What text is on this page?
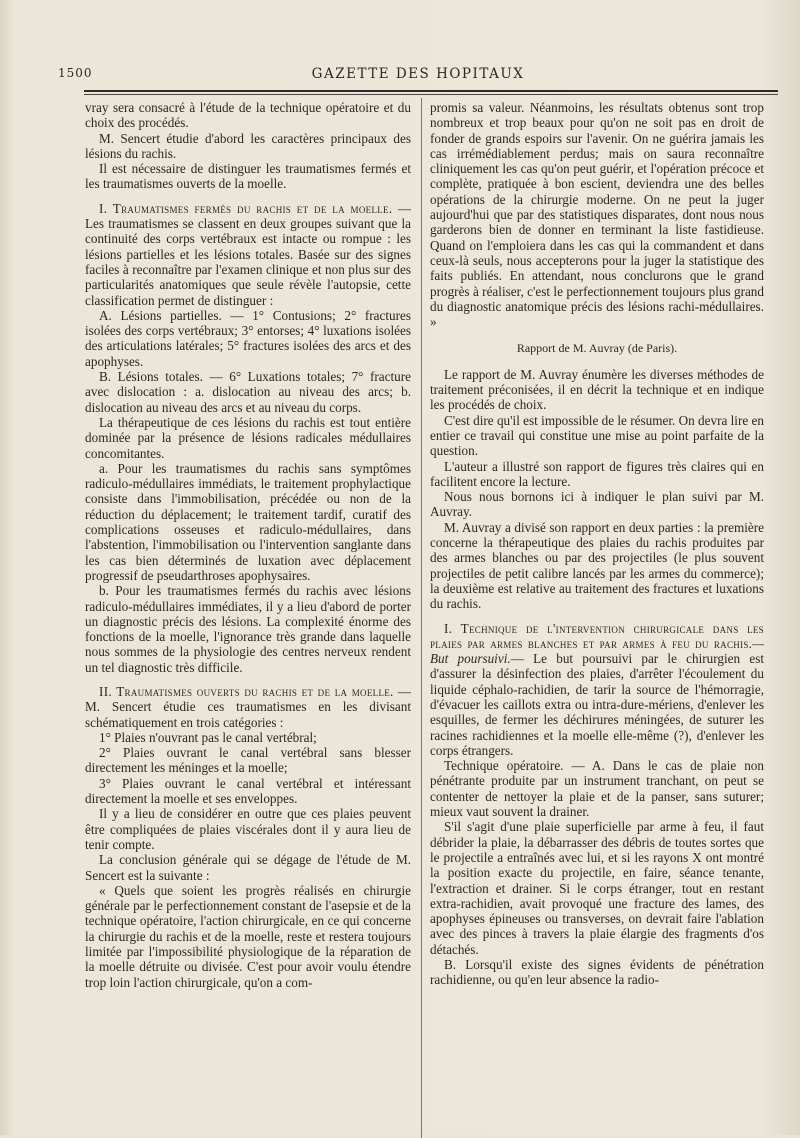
1500	GAZETTE DES HOPITAUX

vray sera consacré à l'étude de la technique opératoire et du choix des procédés.

M. Sencert étudie d'abord les caractères principaux des lésions du rachis.

Il est nécessaire de distinguer les traumatismes fermés et les traumatismes ouverts de la moelle.

I. Traumatismes fermés du rachis et de la moelle. — Les traumatismes se classent en deux groupes suivant que la continuité des corps vertébraux est intacte ou rompue : les lésions partielles et les lésions totales. Basée sur des signes faciles à reconnaître par l'examen clinique et non plus sur des particularités anatomiques que seule révèle l'autopsie, cette classification permet de distinguer :

A. Lésions partielles. — 1° Contusions; 2° fractures isolées des corps vertébraux; 3° entorses; 4° luxations isolées des articulations latérales; 5° fractures isolées des arcs et des apophyses.

B. Lésions totales. — 6° Luxations totales; 7° fracture avec dislocation : a. dislocation au niveau des arcs; b. dislocation au niveau des arcs et au niveau du corps.

La thérapeutique de ces lésions du rachis est tout entière dominée par la présence de lésions radicales médullaires concomitantes.

a. Pour les traumatismes du rachis sans symptômes radiculo-médullaires immédiats, le traitement prophylactique consiste dans l'immobilisation, précédée ou non de la réduction du déplacement; le traitement tardif, curatif des complications osseuses et radiculo-médullaires, dans l'abstention, l'immobilisation ou l'intervention sanglante dans les cas bien déterminés de luxation avec déplacement progressif de pseudarthroses apophysaires.

b. Pour les traumatismes fermés du rachis avec lésions radiculo-médullaires immédiates, il y a lieu d'abord de porter un diagnostic précis des lésions. La complexité énorme des fonctions de la moelle, l'ignorance très grande dans laquelle nous sommes de la physiologie des centres nerveux rendent un tel diagnostic très difficile.

II. Traumatismes ouverts du rachis et de la moelle. — M. Sencert étudie ces traumatismes en les divisant schématiquement en trois catégories :

1° Plaies n'ouvrant pas le canal vertébral;

2° Plaies ouvrant le canal vertébral sans blesser directement les méninges et la moelle;

3° Plaies ouvrant le canal vertébral et intéressant directement la moelle et ses enveloppes.

Il y a lieu de considérer en outre que ces plaies peuvent être compliquées de plaies viscérales dont il y aura lieu de tenir compte.

La conclusion générale qui se dégage de l'étude de M. Sencert est la suivante :

« Quels que soient les progrès réalisés en chirurgie générale par le perfectionnement constant de l'asepsie et de la technique opératoire, l'action chirurgicale, en ce qui concerne la chirurgie du rachis et de la moelle, reste et restera toujours limitée par l'impossibilité physiologique de la réparation de la moelle détruite ou divisée. C'est pour avoir voulu étendre trop loin l'action chirurgicale, qu'on a com-

promis sa valeur. Néanmoins, les résultats obtenus sont trop nombreux et trop beaux pour qu'on ne soit pas en droit de fonder de grands espoirs sur l'avenir. On ne guérira jamais les cas irrémédiablement perdus; mais on saura reconnaître cliniquement les cas qu'on peut guérir, et l'opération précoce et complète, pratiquée à bon escient, deviendra une des belles opérations de la chirurgie moderne. On ne peut la juger aujourd'hui que par des statistiques disparates, dont nous nous garderons bien de donner en terminant la liste fastidieuse. Quand on l'emploiera dans les cas qui la commandent et dans ceux-là seuls, nous accepterons pour la juger la statistique des faits publiés. En attendant, nous conclurons que le grand progrès à réaliser, c'est le perfectionnement toujours plus grand du diagnostic anatomique précis des lésions rachi-médullaires. »

Rapport de M. Auvray (de Paris).

Le rapport de M. Auvray énumère les diverses méthodes de traitement préconisées, il en décrit la technique et en indique les procédés de choix.

C'est dire qu'il est impossible de le résumer. On devra lire en entier ce travail qui constitue une mise au point parfaite de la question.

L'auteur a illustré son rapport de figures très claires qui en facilitent encore la lecture.

Nous nous bornons ici à indiquer le plan suivi par M. Auvray.

M. Auvray a divisé son rapport en deux parties : la première concerne la thérapeutique des plaies du rachis produites par des armes blanches ou par des projectiles (le plus souvent projectiles de petit calibre lancés par les armes du commerce); la deuxième est relative au traitement des fractures et luxations du rachis.

I. Technique de l'intervention chirurgicale dans les plaies par armes blanches et par armes à feu du rachis.— But poursuivi.— Le but poursuivi par le chirurgien est d'assurer la désinfection des plaies, d'arrêter l'écoulement du liquide céphalo-rachidien, de tarir la source de l'hémorragie, d'évacuer les caillots extra ou intra-dure-mériens, d'enlever les esquilles, de fermer les déchirures méningées, de suturer les racines rachidiennes et la moelle elle-même (?), d'enlever les corps étrangers.

Technique opératoire. — A. Dans le cas de plaie non pénétrante produite par un instrument tranchant, on peut se contenter de nettoyer la plaie et de la panser, sans suturer; mieux vaut souvent la drainer.

S'il s'agit d'une plaie superficielle par arme à feu, il faut débrider la plaie, la débarrasser des débris de toutes sortes que le projectile a entraînés avec lui, et si les rayons X ont montré la position exacte du projectile, en faire, séance tenante, l'extraction et drainer. Si le corps étranger, tout en restant extra-rachidien, avait provoqué une fracture des lames, des apophyses épineuses ou transverses, on devrait faire l'ablation avec des pinces à travers la plaie élargie des fragments d'os détachés.

B. Lorsqu'il existe des signes évidents de pénétration rachidienne, ou qu'en leur absence la radio-
